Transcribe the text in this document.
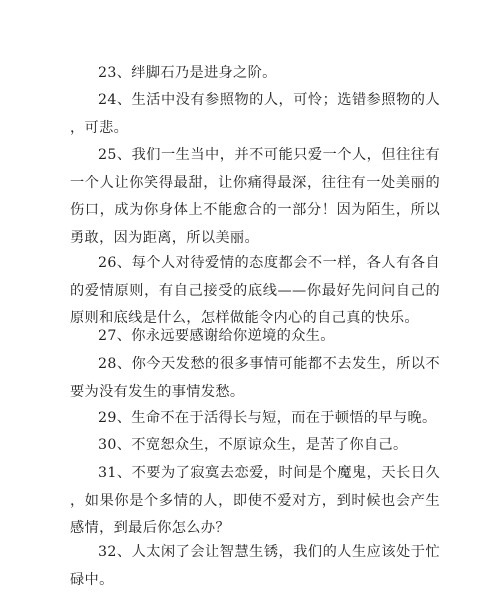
23、绊脚石乃是进身之阶。

24、生活中没有参照物的人，可怜；选错参照物的人，可悲。

25、我们一生当中，并不可能只爱一个人，但往往有一个人让你笑得最甜，让你痛得最深，往往有一处美丽的伤口，成为你身体上不能愈合的一部分！因为陌生，所以勇敢，因为距离，所以美丽。

26、每个人对待爱情的态度都会不一样，各人有各自的爱情原则，有自己接受的底线——你最好先问问自己的原则和底线是什么，怎样做能令内心的自己真的快乐。

27、你永远要感谢给你逆境的众生。

28、你今天发愁的很多事情可能都不去发生，所以不要为没有发生的事情发愁。

29、生命不在于活得长与短，而在于顿悟的早与晚。

30、不宽恕众生，不原谅众生，是苦了你自己。

31、不要为了寂寞去恋爱，时间是个魔鬼，天长日久，如果你是个多情的人，即使不爱对方，到时候也会产生感情，到最后你怎么办？

32、人太闲了会让智慧生锈，我们的人生应该处于忙碌中。
